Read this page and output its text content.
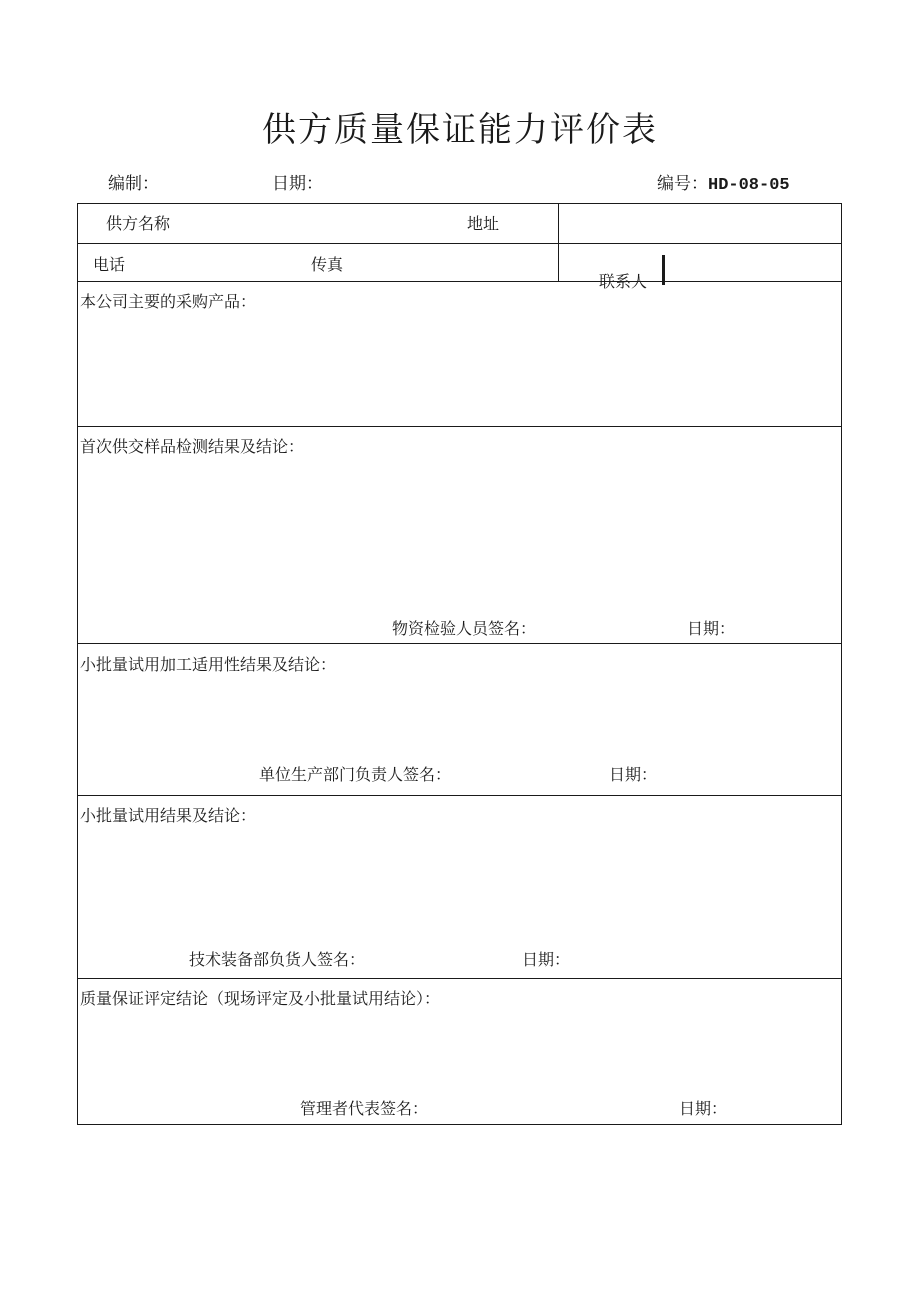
供方质量保证能力评价表
编制：	日期：	编号：HD-08-05
供方名称	地址
电话	传真
联系人
本公司主要的采购产品：
首次供交样品检测结果及结论：
物资检验人员签名：	日期：
小批量试用加工适用性结果及结论：
单位生产部门负责人签名：	日期：
小批量试用结果及结论：
技术装备部负货人签名：	日期：
质量保证评定结论（现场评定及小批量试用结论）：
管理者代表签名：	日期：
